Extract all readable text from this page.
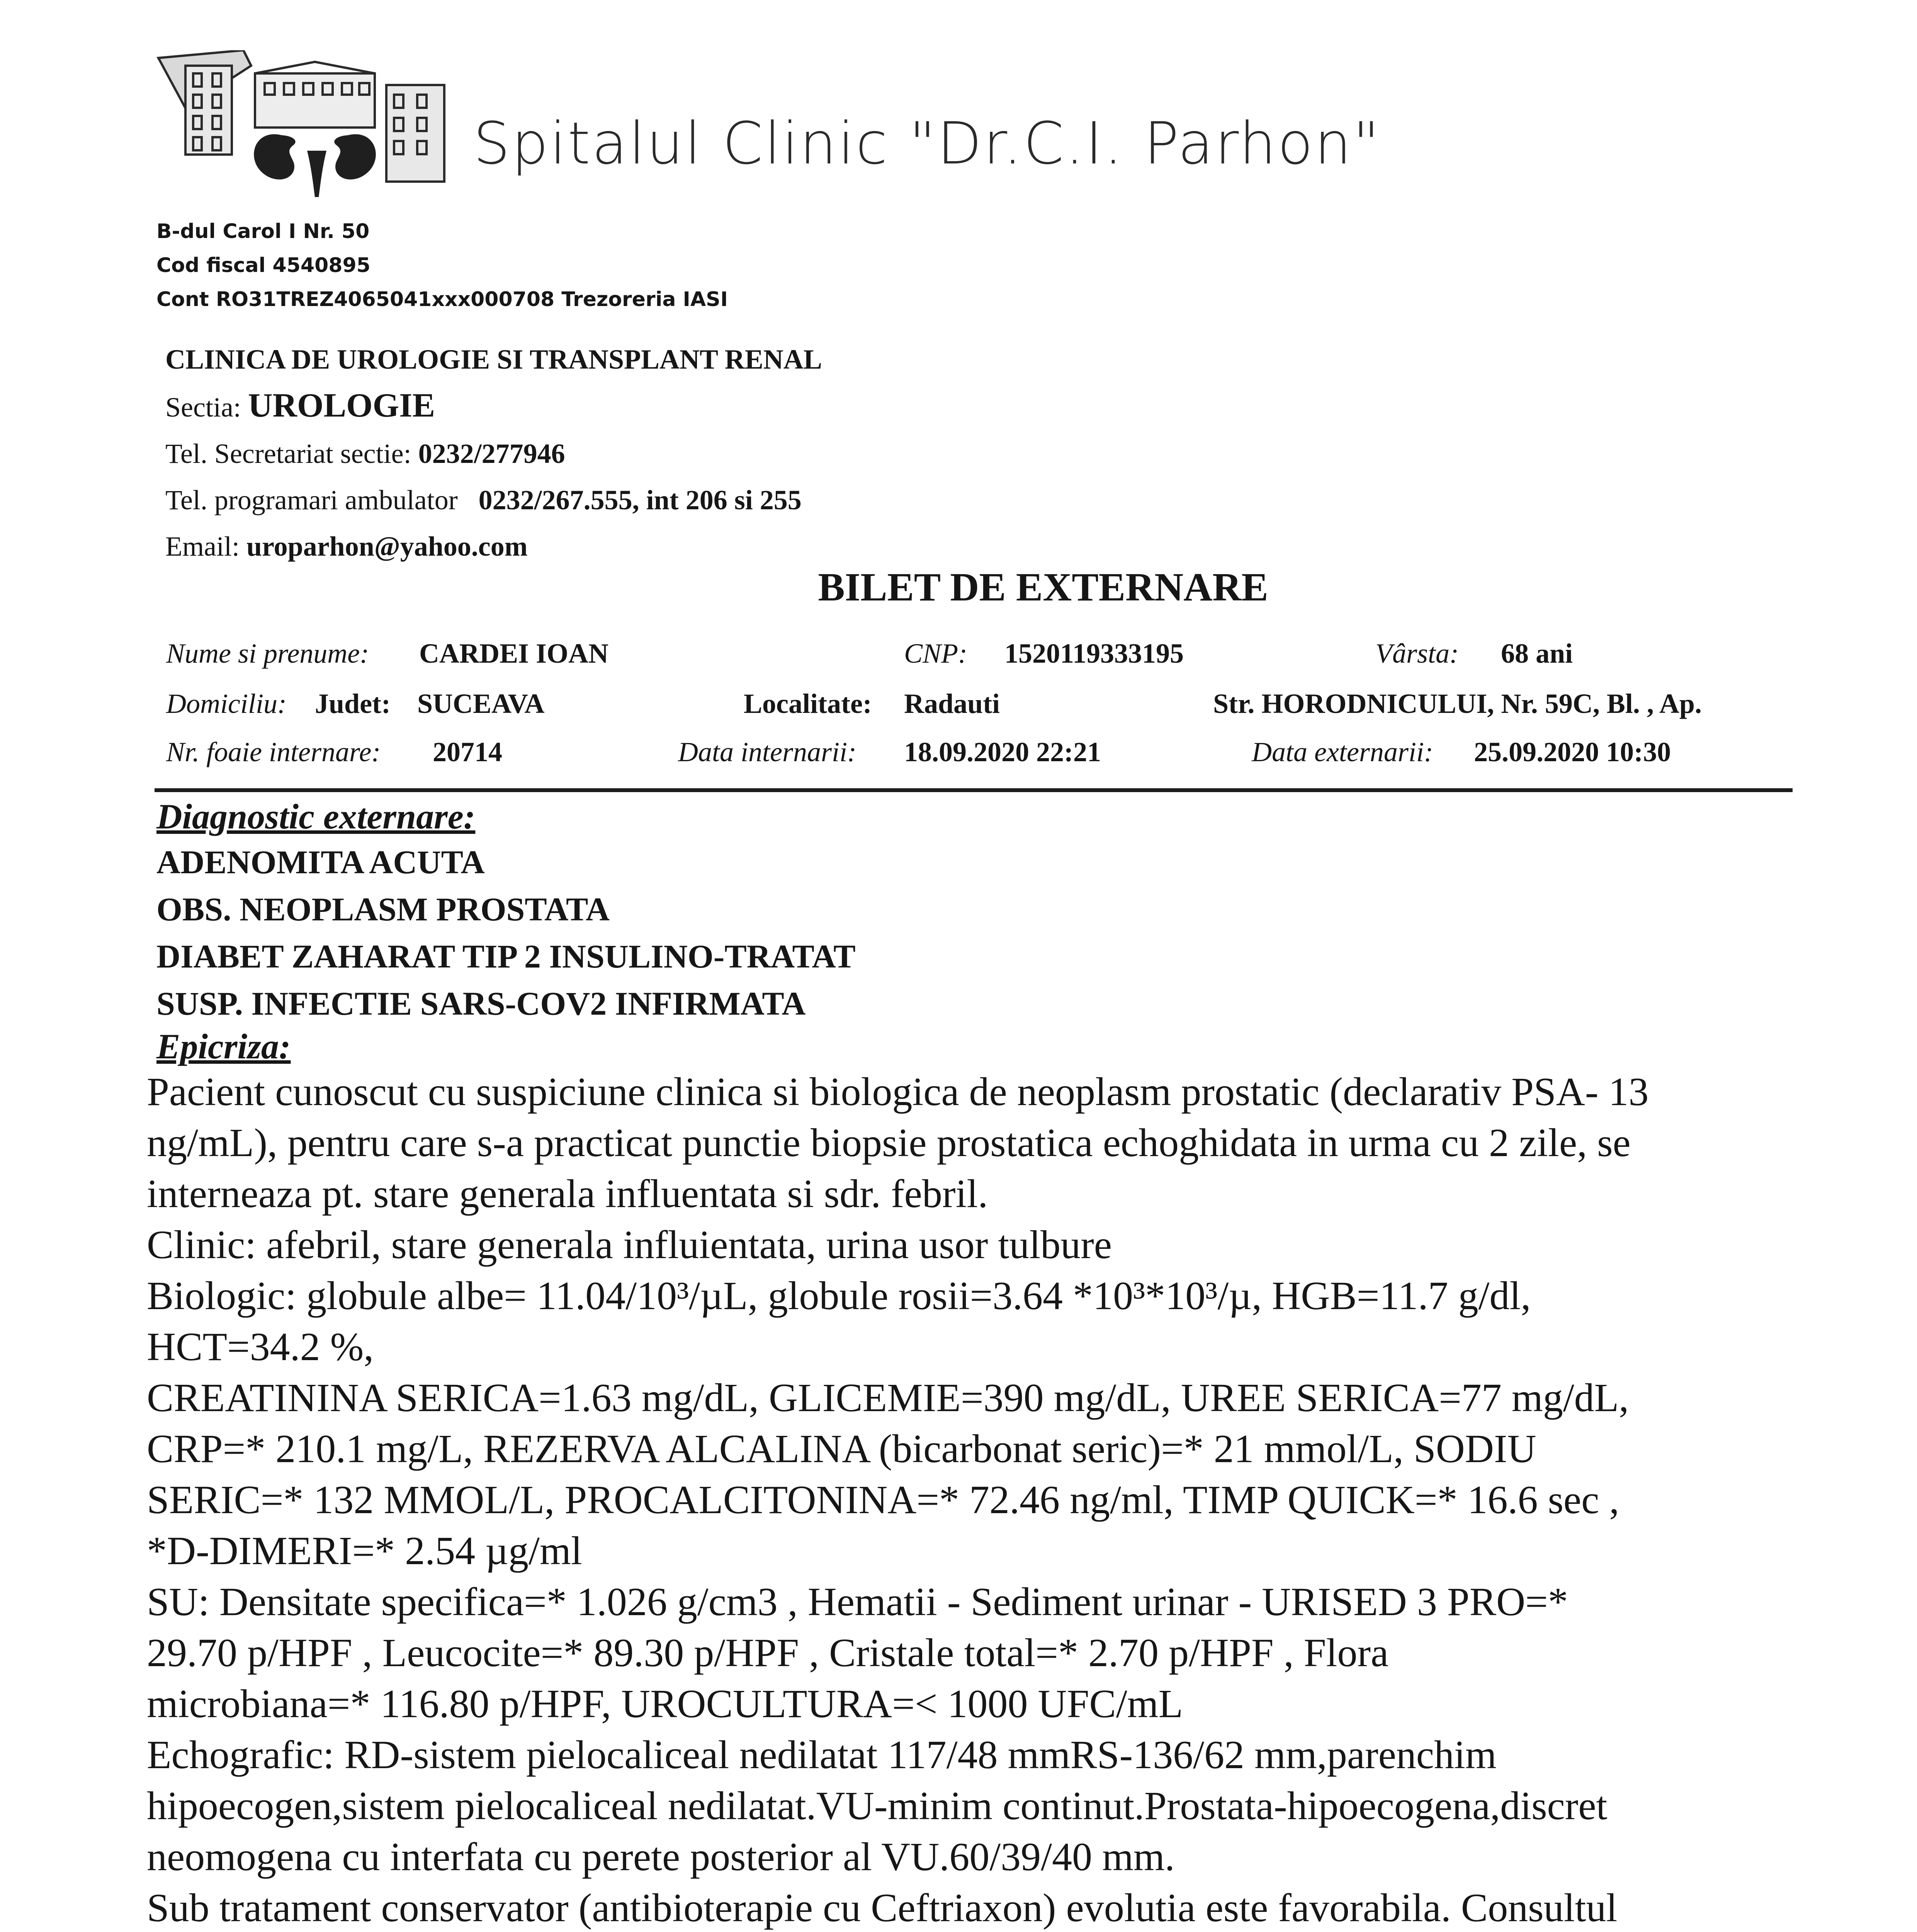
Spitalul Clinic "Dr.C.I. Parhon"

B-dul Carol I Nr. 50
Cod fiscal 4540895
Cont RO31TREZ4065041xxx000708 Trezoreria IASI
CLINICA DE UROLOGIE SI TRANSPLANT RENAL
Sectia: UROLOGIE
Tel. Secretariat sectie: 0232/277946
Tel. programari ambulator 0232/267.555, int 206 si 255
Email: uroparhon@yahoo.com
BILET DE EXTERNARE
Nume si prenume: CARDEI IOAN	CNP: 1520119333195	Vârsta: 68 ani
Domiciliu: Judet: SUCEAVA	Localitate: Radauti	Str. HORODNICULUI, Nr. 59C, Bl. , Ap.
Nr. foaie internare: 20714	Data internarii: 18.09.2020 22:21	Data externarii: 25.09.2020 10:30
Diagnostic externare:
ADENOMITA ACUTA
OBS. NEOPLASM PROSTATA
DIABET ZAHARAT TIP 2 INSULINO-TRATAT
SUSP. INFECTIE SARS-COV2 INFIRMATA
Epicriza:
Pacient cunoscut cu suspiciune clinica si biologica de neoplasm prostatic (declarativ PSA- 13
ng/mL), pentru care s-a practicat punctie biopsie prostatica echoghidata in urma cu 2 zile, se
interneaza pt. stare generala influentata si sdr. febril.
Clinic: afebril, stare generala influientata, urina usor tulbure
Biologic: globule albe= 11.04/10³/µL, globule rosii=3.64 *10³*10³/µ, HGB=11.7 g/dl,
HCT=34.2 %,
CREATININA SERICA=1.63 mg/dL, GLICEMIE=390 mg/dL, UREE SERICA=77 mg/dL,
CRP=* 210.1 mg/L, REZERVA ALCALINA (bicarbonat seric)=* 21 mmol/L, SODIU
SERIC=* 132 MMOL/L, PROCALCITONINA=* 72.46 ng/ml, TIMP QUICK=* 16.6 sec ,
*D-DIMERI=* 2.54 µg/ml
SU: Densitate specifica=* 1.026 g/cm3 , Hematii - Sediment urinar - URISED 3 PRO=*
29.70 p/HPF , Leucocite=* 89.30 p/HPF , Cristale total=* 2.70 p/HPF , Flora
microbiana=* 116.80 p/HPF, UROCULTURA=< 1000 UFC/mL
Echografic: RD-sistem pielocaliceal nedilatat 117/48 mmRS-136/62 mm,parenchim
hipoecogen,sistem pielocaliceal nedilatat.VU-minim continut.Prostata-hipoecogena,discret
neomogena cu interfata cu perete posterior al VU.60/39/40 mm.
Sub tratament conservator (antibioterapie cu Ceftriaxon) evolutia este favorabila. Consultul
